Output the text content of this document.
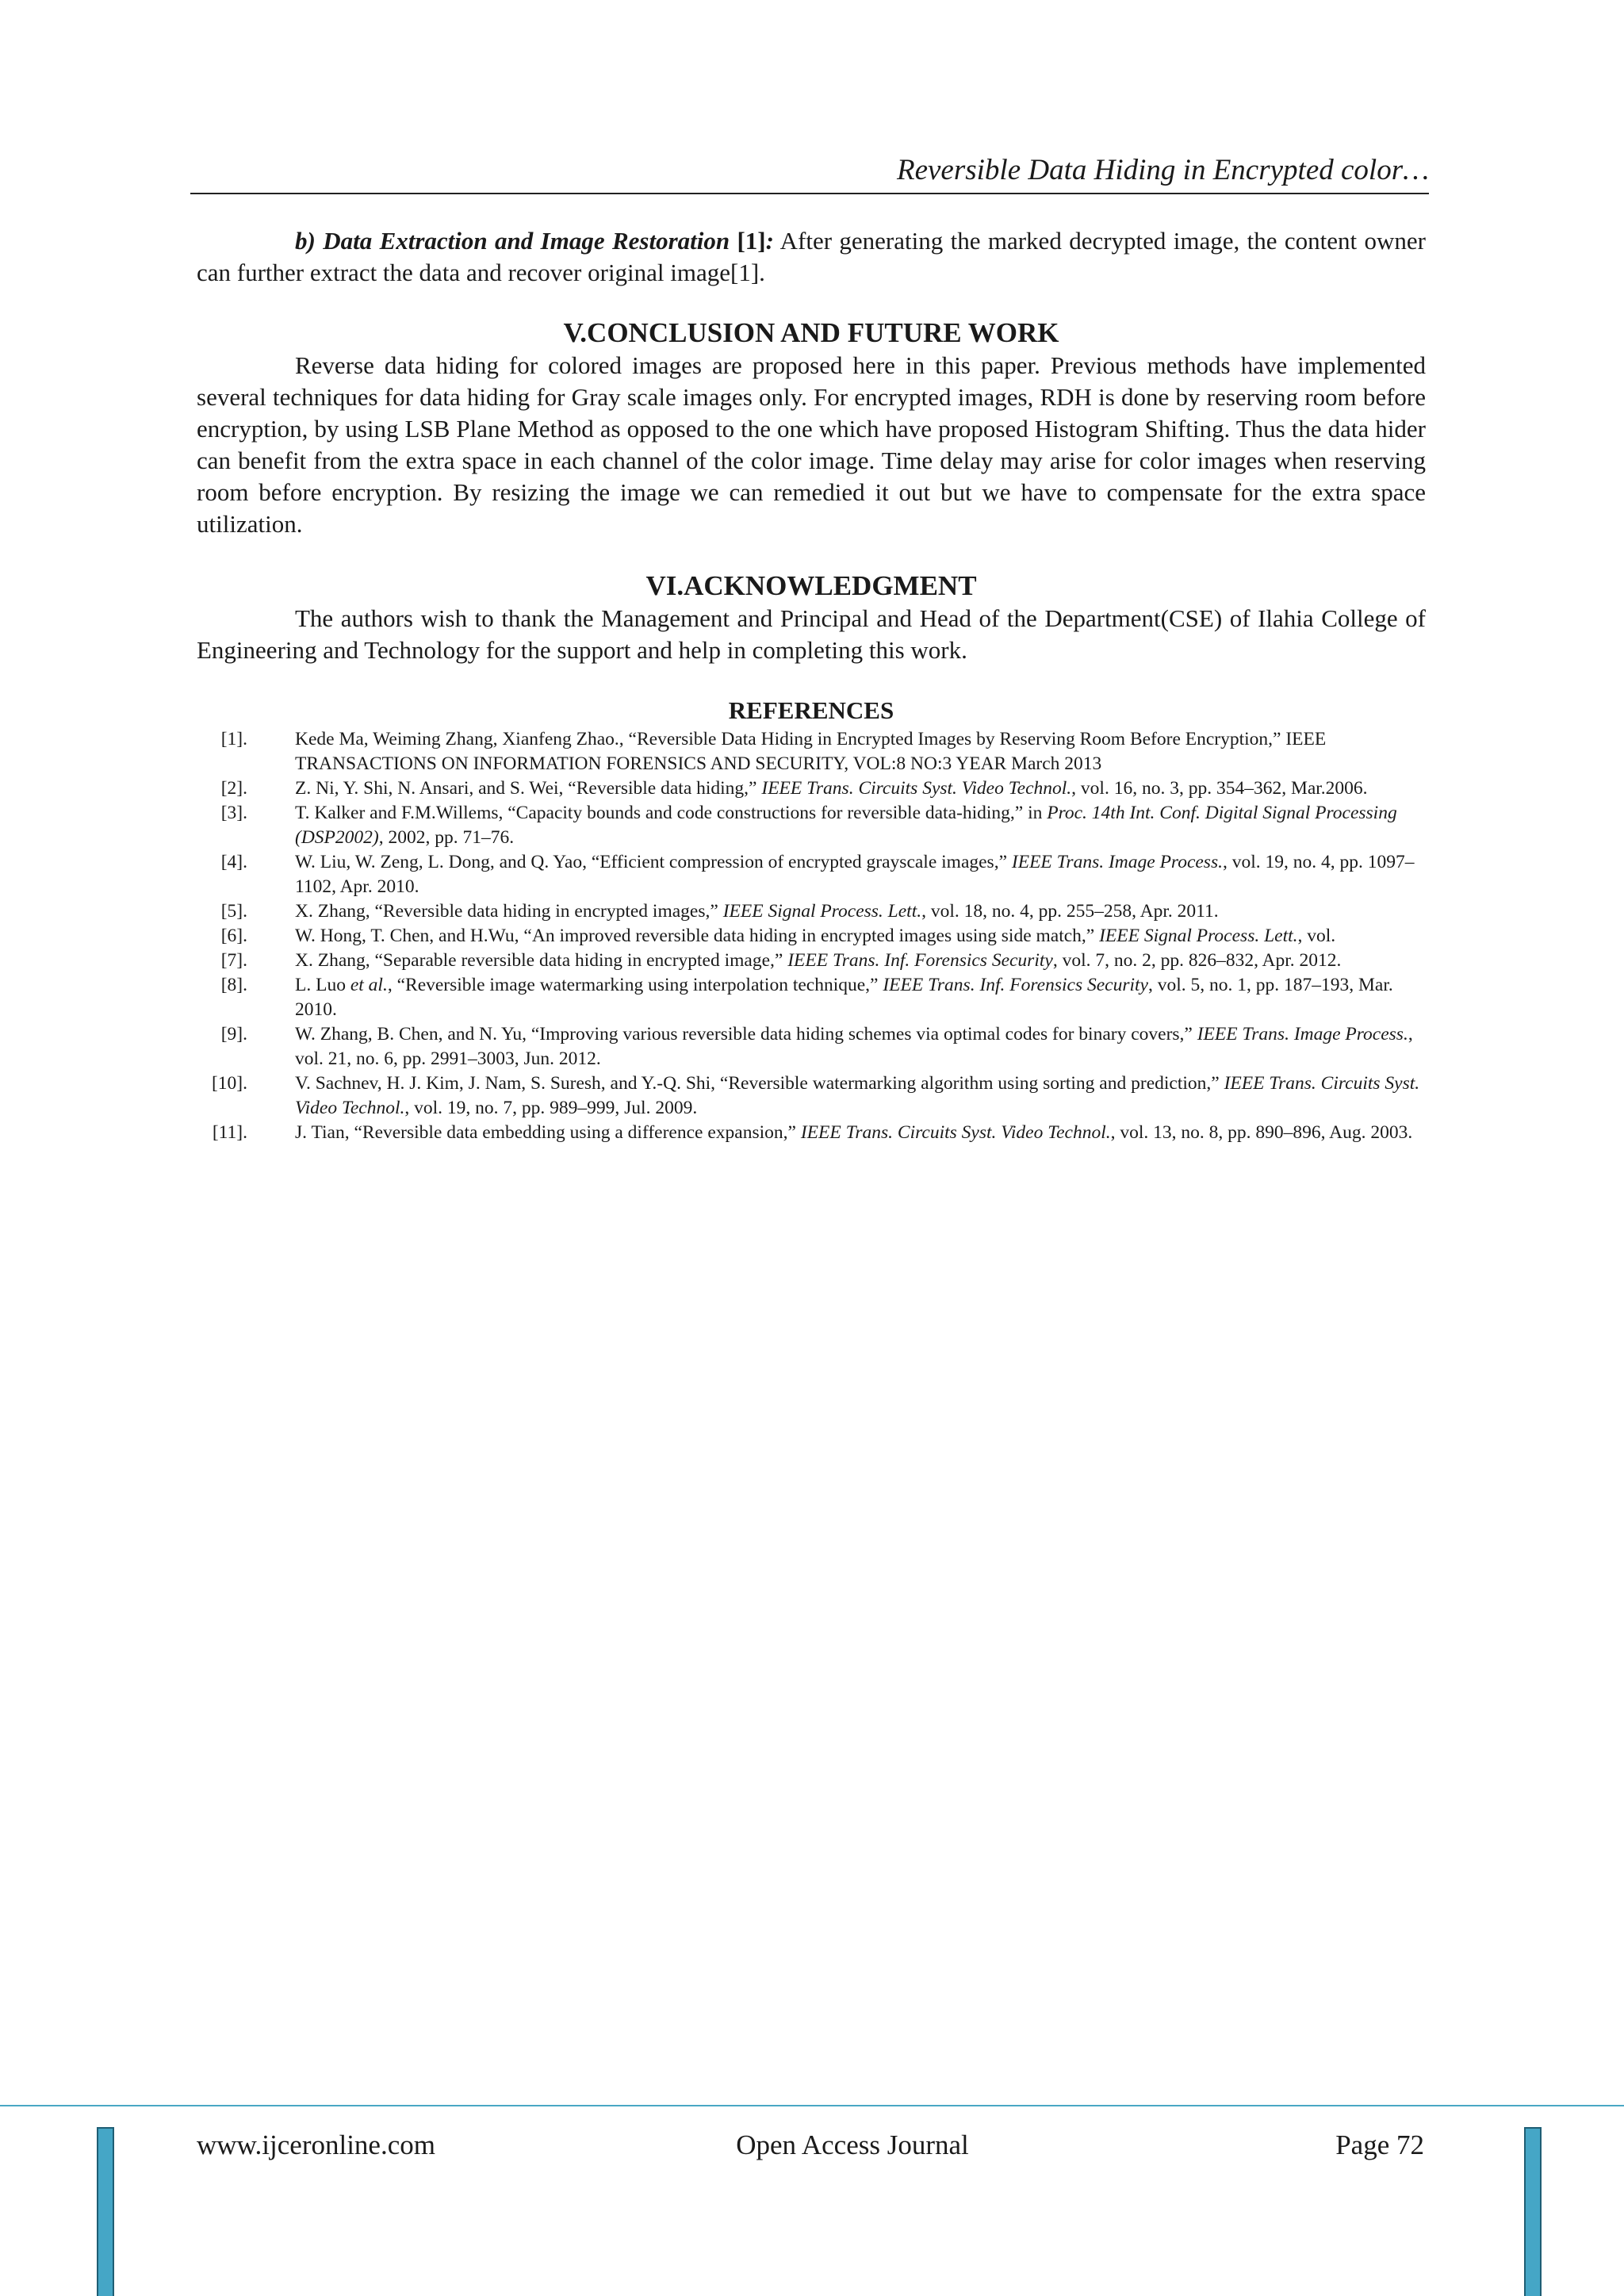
Reversible Data Hiding in Encrypted color…

b) Data Extraction and Image Restoration [1]: After generating the marked decrypted image, the content owner can further extract the data and recover original image[1].

V.CONCLUSION AND FUTURE WORK

Reverse data hiding for colored images are proposed here in this paper. Previous methods have implemented several techniques for data hiding for Gray scale images only. For encrypted images, RDH is done by reserving room before encryption, by using LSB Plane Method as opposed to the one which have proposed Histogram Shifting. Thus the data hider can benefit from the extra space in each channel of the color image. Time delay may arise for color images when reserving room before encryption. By resizing the image we can remedied it out but we have to compensate for the extra space utilization.

VI.ACKNOWLEDGMENT

The authors wish to thank the Management and Principal and Head of the Department(CSE) of Ilahia College of Engineering and Technology for the support and help in completing this work.

REFERENCES
[1].	Kede Ma, Weiming Zhang, Xianfeng Zhao., “Reversible Data Hiding in Encrypted Images by Reserving Room Before Encryption,” IEEE TRANSACTIONS ON INFORMATION FORENSICS AND SECURITY, VOL:8 NO:3 YEAR March 2013
[2].	Z. Ni, Y. Shi, N. Ansari, and S. Wei, “Reversible data hiding,” IEEE Trans. Circuits Syst. Video Technol., vol. 16, no. 3, pp. 354–362, Mar.2006.
[3].	T. Kalker and F.M.Willems, “Capacity bounds and code constructions for reversible data-hiding,” in Proc. 14th Int. Conf. Digital Signal Processing (DSP2002), 2002, pp. 71–76.
[4].	W. Liu, W. Zeng, L. Dong, and Q. Yao, “Efficient compression of encrypted grayscale images,” IEEE Trans. Image Process., vol. 19, no. 4, pp. 1097–1102, Apr. 2010.
[5].	X. Zhang, “Reversible data hiding in encrypted images,” IEEE Signal Process. Lett., vol. 18, no. 4, pp. 255–258, Apr. 2011.
[6].	W. Hong, T. Chen, and H.Wu, “An improved reversible data hiding in encrypted images using side match,” IEEE Signal Process. Lett., vol.
[7].	X. Zhang, “Separable reversible data hiding in encrypted image,” IEEE Trans. Inf. Forensics Security, vol. 7, no. 2, pp. 826–832, Apr. 2012.
[8].	L. Luo et al., “Reversible image watermarking using interpolation technique,” IEEE Trans. Inf. Forensics Security, vol. 5, no. 1, pp. 187–193, Mar. 2010.
[9].	W. Zhang, B. Chen, and N. Yu, “Improving various reversible data hiding schemes via optimal codes for binary covers,” IEEE Trans. Image Process., vol. 21, no. 6, pp. 2991–3003, Jun. 2012.
[10].	V. Sachnev, H. J. Kim, J. Nam, S. Suresh, and Y.-Q. Shi, “Reversible watermarking algorithm using sorting and prediction,” IEEE Trans. Circuits Syst. Video Technol., vol. 19, no. 7, pp. 989–999, Jul. 2009.
[11].	J. Tian, “Reversible data embedding using a difference expansion,” IEEE Trans. Circuits Syst. Video Technol., vol. 13, no. 8, pp. 890–896, Aug. 2003.
www.ijceronline.com	Open Access Journal	Page 72
